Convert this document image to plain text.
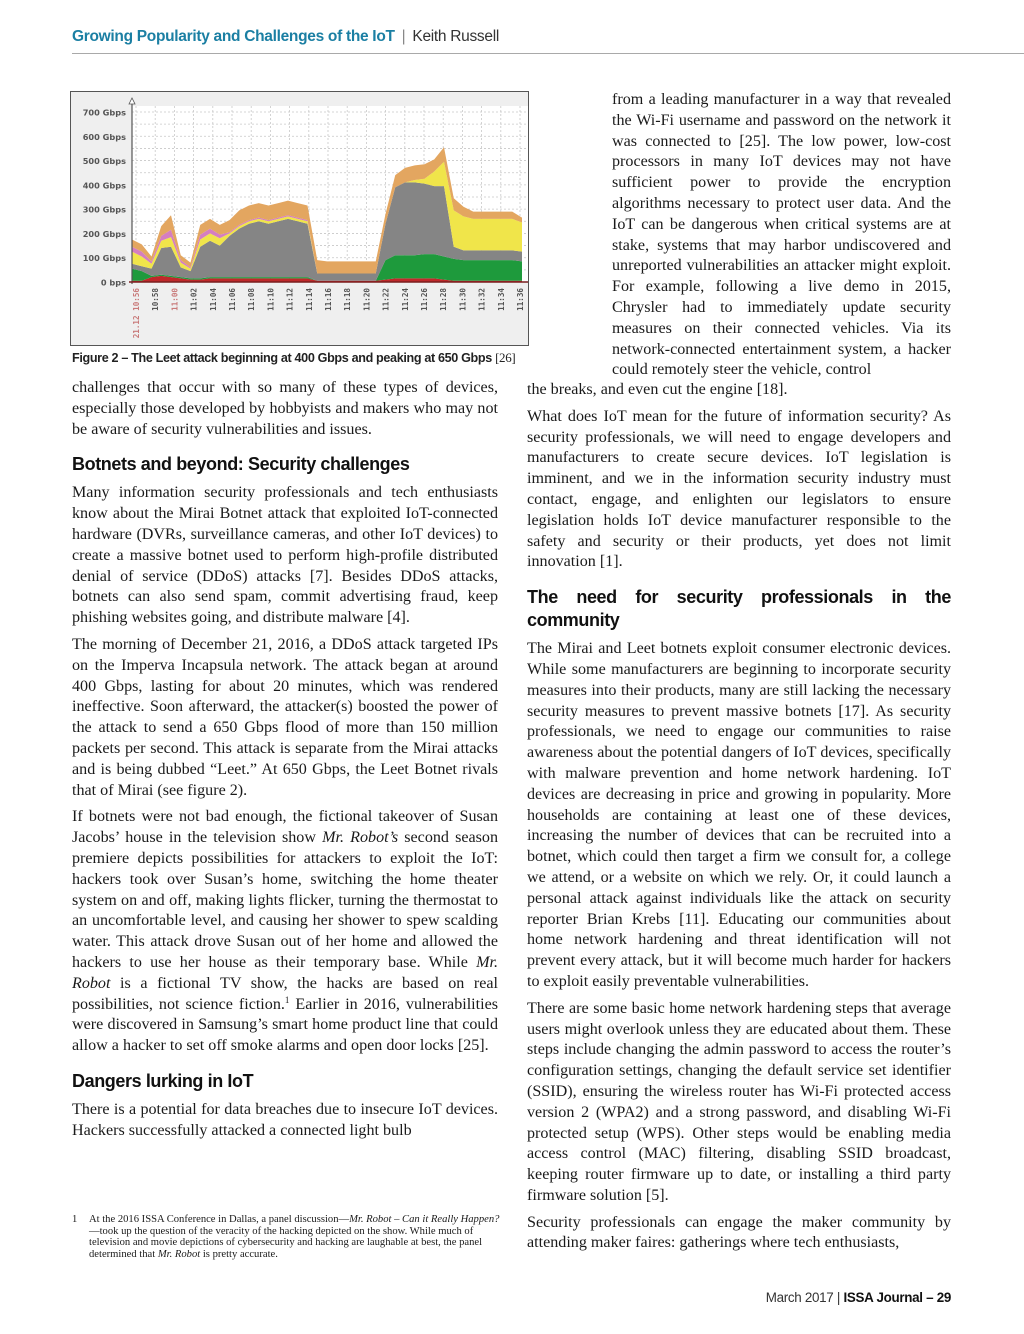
Growing Popularity and Challenges of the IoT | Keith Russell
0 bps
100 Gbps
200 Gbps
300 Gbps
400 Gbps
500 Gbps
600 Gbps
700 Gbps
21.12 10:56 10:58 11:00 11:02 11:04 11:06 11:08 11:10 11:12 11:14 11:16 11:18 11:20 11:22 11:24 11:26 11:28 11:30 11:32 11:34 11:36
Figure 2 – The Leet attack beginning at 400 Gbps and peaking at 650 Gbps [26]
from a leading manufacturer in a way that revealed the Wi-Fi username and password on the network it was connected to [25]. The low power, low-cost processors in many IoT devices may not have sufficient power to provide the encryption algorithms necessary to protect user data. And the IoT can be dangerous when critical systems are at stake, systems that may harbor undiscovered and unreported vulnerabilities an attacker might exploit. For example, following a live demo in 2015, Chrysler had to immediately update security measures on their connected vehicles. Via its network-connected entertainment system, a hacker could remotely steer the vehicle, control

challenges that occur with so many of these types of devices, especially those developed by hobbyists and makers who may not be aware of security vulnerabilities and issues.

Botnets and beyond: Security challenges

Many information security professionals and tech enthusiasts know about the Mirai Botnet attack that exploited IoT-connected hardware (DVRs, surveillance cameras, and other IoT devices) to create a massive botnet used to perform high-profile distributed denial of service (DDoS) attacks [7]. Besides DDoS attacks, botnets can also send spam, commit advertising fraud, keep phishing websites going, and distribute malware [4].

The morning of December 21, 2016, a DDoS attack targeted IPs on the Imperva Incapsula network. The attack began at around 400 Gbps, lasting for about 20 minutes, which was rendered ineffective. Soon afterward, the attacker(s) boosted the power of the attack to send a 650 Gbps flood of more than 150 million packets per second. This attack is separate from the Mirai attacks and is being dubbed “Leet.” At 650 Gbps, the Leet Botnet rivals that of Mirai (see figure 2).

If botnets were not bad enough, the fictional takeover of Susan Jacobs’ house in the television show Mr. Robot’s second season premiere depicts possibilities for attackers to exploit the IoT: hackers took over Susan’s home, switching the home theater system on and off, making lights flicker, turning the thermostat to an uncomfortable level, and causing her shower to spew scalding water. This attack drove Susan out of her home and allowed the hackers to use her house as their temporary base. While Mr. Robot is a fictional TV show, the hacks are based on real possibilities, not science fiction.$^1$ Earlier in 2016, vulnerabilities were discovered in Samsung’s smart home product line that could allow a hacker to set off smoke alarms and open door locks [25].

Dangers lurking in IoT

There is a potential for data breaches due to insecure IoT devices. Hackers successfully attacked a connected light bulb

the breaks, and even cut the engine [18].

What does IoT mean for the future of information security? As security professionals, we will need to engage developers and manufacturers to create secure devices. IoT legislation is imminent, and we in the information security industry must contact, engage, and enlighten our legislators to ensure legislation holds IoT device manufacturer responsible to the safety and security or their products, yet does not limit innovation [1].

The need for security professionals in the community

The Mirai and Leet botnets exploit consumer electronic devices. While some manufacturers are beginning to incorporate security measures into their products, many are still lacking the necessary security measures to prevent massive botnets [17]. As security professionals, we need to engage our communities to raise awareness about the potential dangers of IoT devices, specifically with malware prevention and home network hardening. IoT devices are decreasing in price and growing in popularity. More households are containing at least one of these devices, increasing the number of devices that can be recruited into a botnet, which could then target a firm we consult for, a college we attend, or a website on which we rely. Or, it could launch a personal attack against individuals like the attack on security reporter Brian Krebs [11]. Educating our communities about home network hardening and threat identification will not prevent every attack, but it will become much harder for hackers to exploit easily preventable vulnerabilities.

There are some basic home network hardening steps that average users might overlook unless they are educated about them. These steps include changing the admin password to access the router’s configuration settings, changing the default service set identifier (SSID), ensuring the wireless router has Wi-Fi protected access version 2 (WPA2) and a strong password, and disabling Wi-Fi protected setup (WPS). Other steps would be enabling media access control (MAC) filtering, disabling SSID broadcast, keeping router firmware up to date, or installing a third party firmware solution [5].

Security professionals can engage the maker community by attending maker faires: gatherings where tech enthusiasts,

1 At the 2016 ISSA Conference in Dallas, a panel discussion—Mr. Robot – Can it Really Happen?—took up the question of the veracity of the hacking depicted on the show. While much of television and movie depictions of cybersecurity and hacking are laughable at best, the panel determined that Mr. Robot is pretty accurate.
March 2017 | ISSA Journal – 29
